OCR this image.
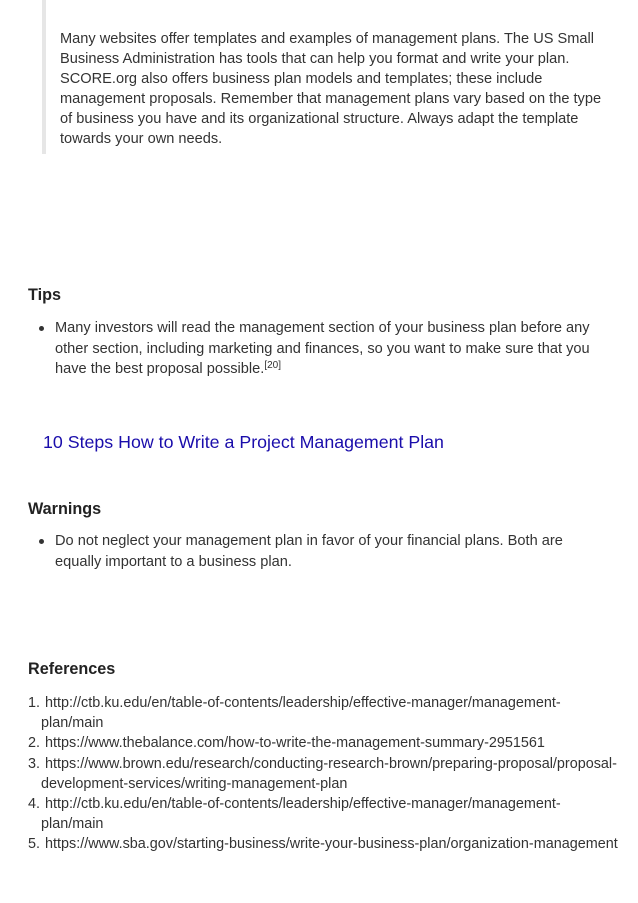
Many websites offer templates and examples of management plans. The US Small Business Administration has tools that can help you format and write your plan. SCORE.org also offers business plan models and templates; these include management proposals. Remember that management plans vary based on the type of business you have and its organizational structure. Always adapt the template towards your own needs.
Tips
Many investors will read the management section of your business plan before any other section, including marketing and finances, so you want to make sure that you have the best proposal possible.[20]
10 Steps How to Write a Project Management Plan
Warnings
Do not neglect your management plan in favor of your financial plans. Both are equally important to a business plan.
References
1. http://ctb.ku.edu/en/table-of-contents/leadership/effective-manager/management-plan/main
2. https://www.thebalance.com/how-to-write-the-management-summary-2951561
3. https://www.brown.edu/research/conducting-research-brown/preparing-proposal/proposal-development-services/writing-management-plan
4. http://ctb.ku.edu/en/table-of-contents/leadership/effective-manager/management-plan/main
5. https://www.sba.gov/starting-business/write-your-business-plan/organization-management
